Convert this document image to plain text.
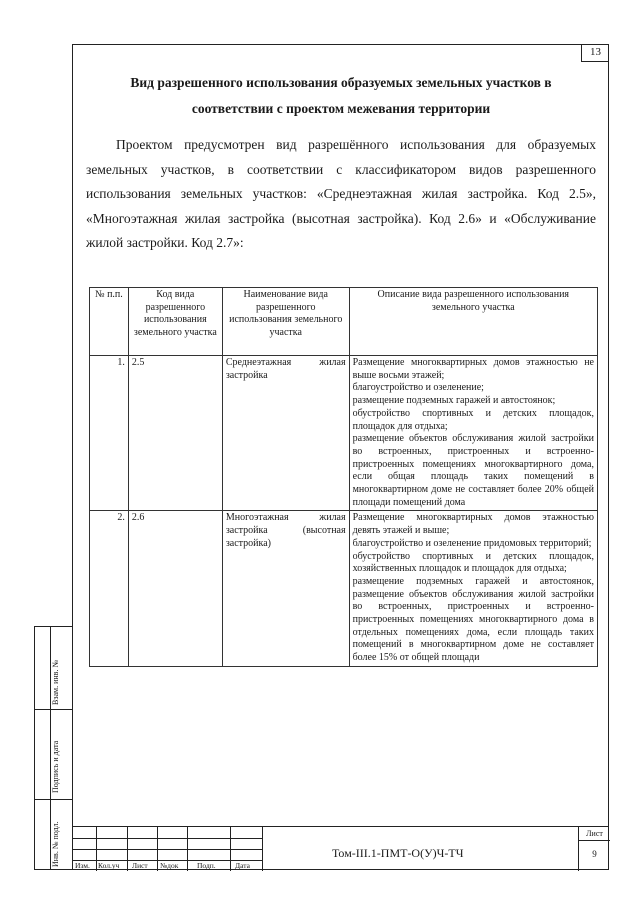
13
Вид разрешенного использования образуемых земельных участков в
соответствии с проектом межевания территории
Проектом предусмотрен вид разрешённого использования для образуемых земельных участков, в соответствии с классификатором видов разрешенного использования земельных участков: «Среднеэтажная жилая застройка. Код 2.5», «Многоэтажная жилая застройка (высотная застройка). Код 2.6» и «Обслуживание жилой застройки. Код 2.7»:
№ п.п.	Код вида разрешенного использования земельного участка	Наименование вида разрешенного использования земельного участка	Описание вида разрешенного использования земельного участка
1.	2.5	Среднеэтажная жилая застройка	Размещение многоквартирных домов этажностью не выше восьми этажей;
благоустройство и озеленение;
размещение подземных гаражей и автостоянок;
обустройство спортивных и детских площадок, площадок для отдыха;
размещение объектов обслуживания жилой застройки во встроенных, пристроенных и встроенно-пристроенных помещениях многоквартирного дома, если общая площадь таких помещений в многоквартирном доме не составляет более 20% общей площади помещений дома

2.	2.6	Многоэтажная жилая застройка (высотная застройка)	Размещение многоквартирных домов этажностью девять этажей и выше;
благоустройство и озеленение придомовых территорий;
обустройство спортивных и детских площадок, хозяйственных площадок и площадок для отдыха;
размещение подземных гаражей и автостоянок, размещение объектов обслуживания жилой застройки во встроенных, пристроенных и встроенно-пристроенных помещениях многоквартирного дома в отдельных помещениях дома, если площадь таких помещений в многоквартирном доме не составляет более 15% от общей площади
Взам. инв. №
Подпись и дата
Инв. № подл. Изм. Кол.уч Лист №док Подп.	Дата
Том-III.1-ПМТ-О(У)Ч-ТЧ
Лист
9
